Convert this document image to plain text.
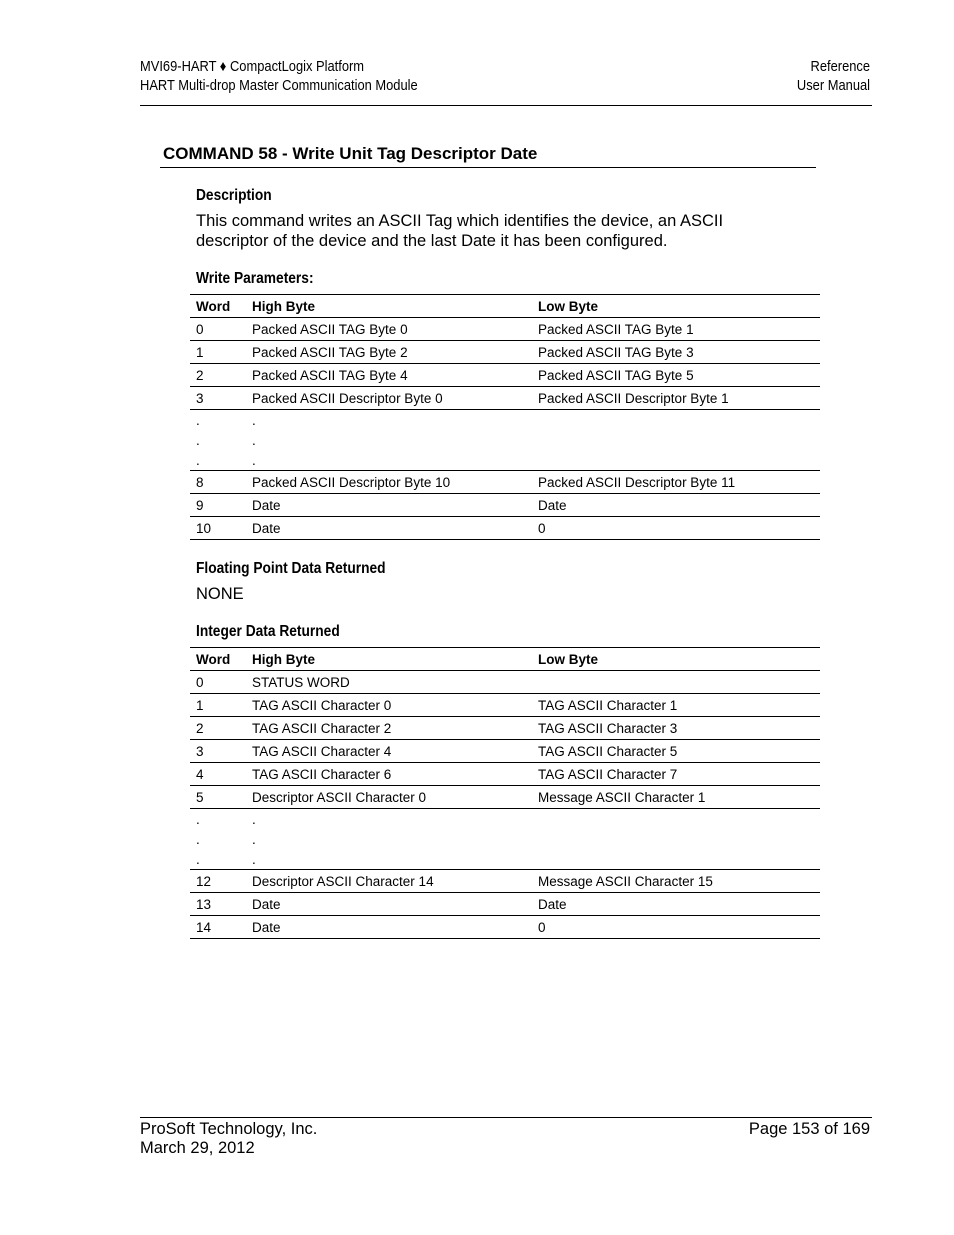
MVI69-HART ♦ CompactLogix Platform
HART Multi-drop Master Communication Module
Reference
User Manual
COMMAND 58 - Write Unit Tag Descriptor Date
Description
This command writes an ASCII Tag which identifies the device, an ASCII descriptor of the device and the last Date it has been configured.
Write Parameters:
Word	High Byte	Low Byte
0	Packed ASCII TAG Byte 0	Packed ASCII TAG Byte 1
1	Packed ASCII TAG Byte 2	Packed ASCII TAG Byte 3
2	Packed ASCII TAG Byte 4	Packed ASCII TAG Byte 5
3	Packed ASCII Descriptor Byte 0	Packed ASCII Descriptor Byte 1
.	.	
.	.	
.	.	
8	Packed ASCII Descriptor Byte 10	Packed ASCII Descriptor Byte 11
9	Date	Date
10	Date	0
Floating Point Data Returned
NONE
Integer Data Returned
Word	High Byte	Low Byte
0	STATUS WORD	
1	TAG ASCII Character 0	TAG ASCII Character 1
2	TAG ASCII Character 2	TAG ASCII Character 3
3	TAG ASCII Character 4	TAG ASCII Character 5
4	TAG ASCII Character 6	TAG ASCII Character 7
5	Descriptor ASCII Character 0	Message ASCII Character 1
.	.	
.	.	
.	.	
12	Descriptor ASCII Character 14	Message ASCII Character 15
13	Date	Date
14	Date	0
ProSoft Technology, Inc.
March 29, 2012
Page 153 of 169
